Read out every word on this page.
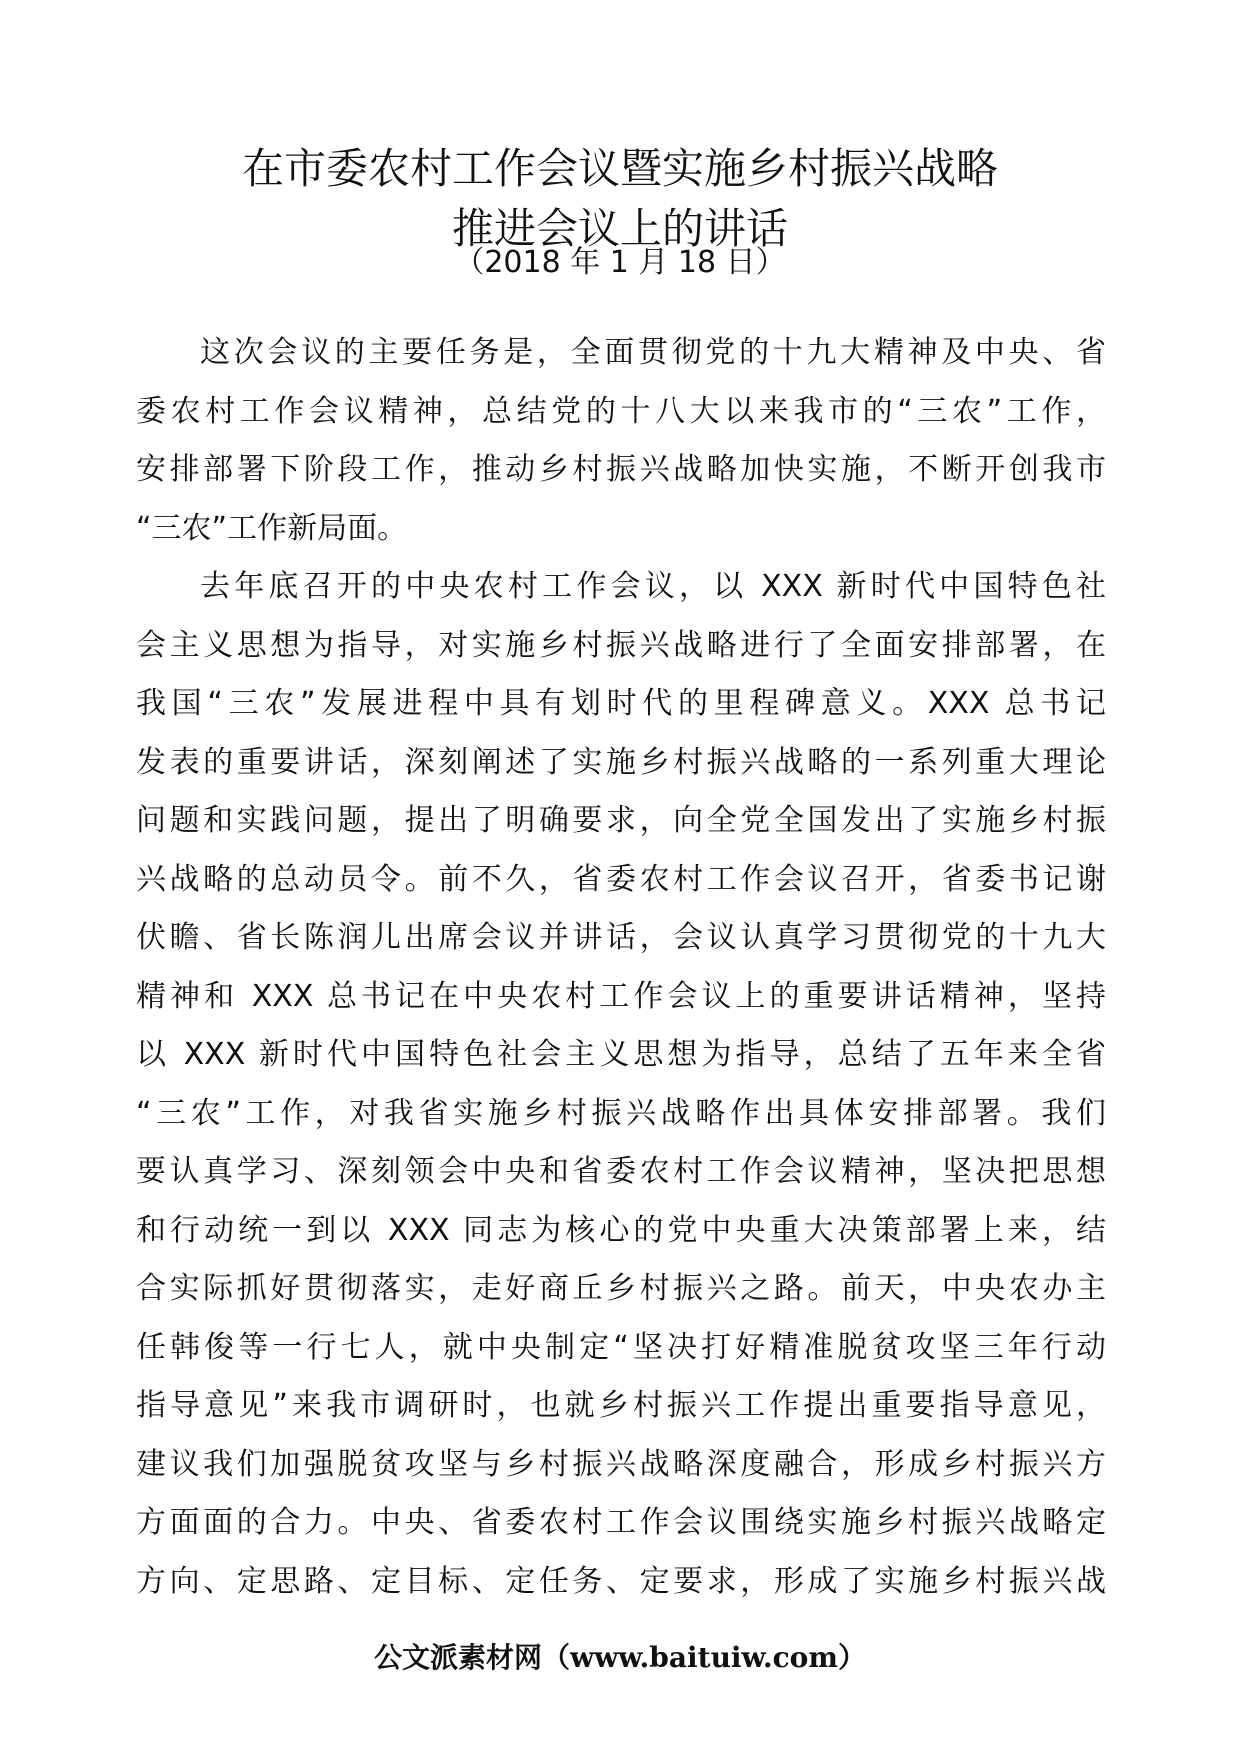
在市委农村工作会议暨实施乡村振兴战略
推进会议上的讲话
（2018 年 1 月 18 日）
这次会议的主要任务是，全面贯彻党的十九大精神及中央、省
委农村工作会议精神，总结党的十八大以来我市的“三农”工作，
安排部署下阶段工作，推动乡村振兴战略加快实施，不断开创我市
“三农”工作新局面。
去年底召开的中央农村工作会议，以 XXX 新时代中国特色社
会主义思想为指导，对实施乡村振兴战略进行了全面安排部署，在
我国“三农”发展进程中具有划时代的里程碑意义。XXX 总书记
发表的重要讲话，深刻阐述了实施乡村振兴战略的一系列重大理论
问题和实践问题，提出了明确要求，向全党全国发出了实施乡村振
兴战略的总动员令。前不久，省委农村工作会议召开，省委书记谢
伏瞻、省长陈润儿出席会议并讲话，会议认真学习贯彻党的十九大
精神和 XXX 总书记在中央农村工作会议上的重要讲话精神，坚持
以 XXX 新时代中国特色社会主义思想为指导，总结了五年来全省
“三农”工作，对我省实施乡村振兴战略作出具体安排部署。我们
要认真学习、深刻领会中央和省委农村工作会议精神，坚决把思想
和行动统一到以 XXX 同志为核心的党中央重大决策部署上来，结
合实际抓好贯彻落实，走好商丘乡村振兴之路。前天，中央农办主
任韩俊等一行七人，就中央制定“坚决打好精准脱贫攻坚三年行动
指导意见”来我市调研时，也就乡村振兴工作提出重要指导意见，
建议我们加强脱贫攻坚与乡村振兴战略深度融合，形成乡村振兴方
方面面的合力。中央、省委农村工作会议围绕实施乡村振兴战略定
方向、定思路、定目标、定任务、定要求，形成了实施乡村振兴战
公文派素材网（www.baituiw.com）
